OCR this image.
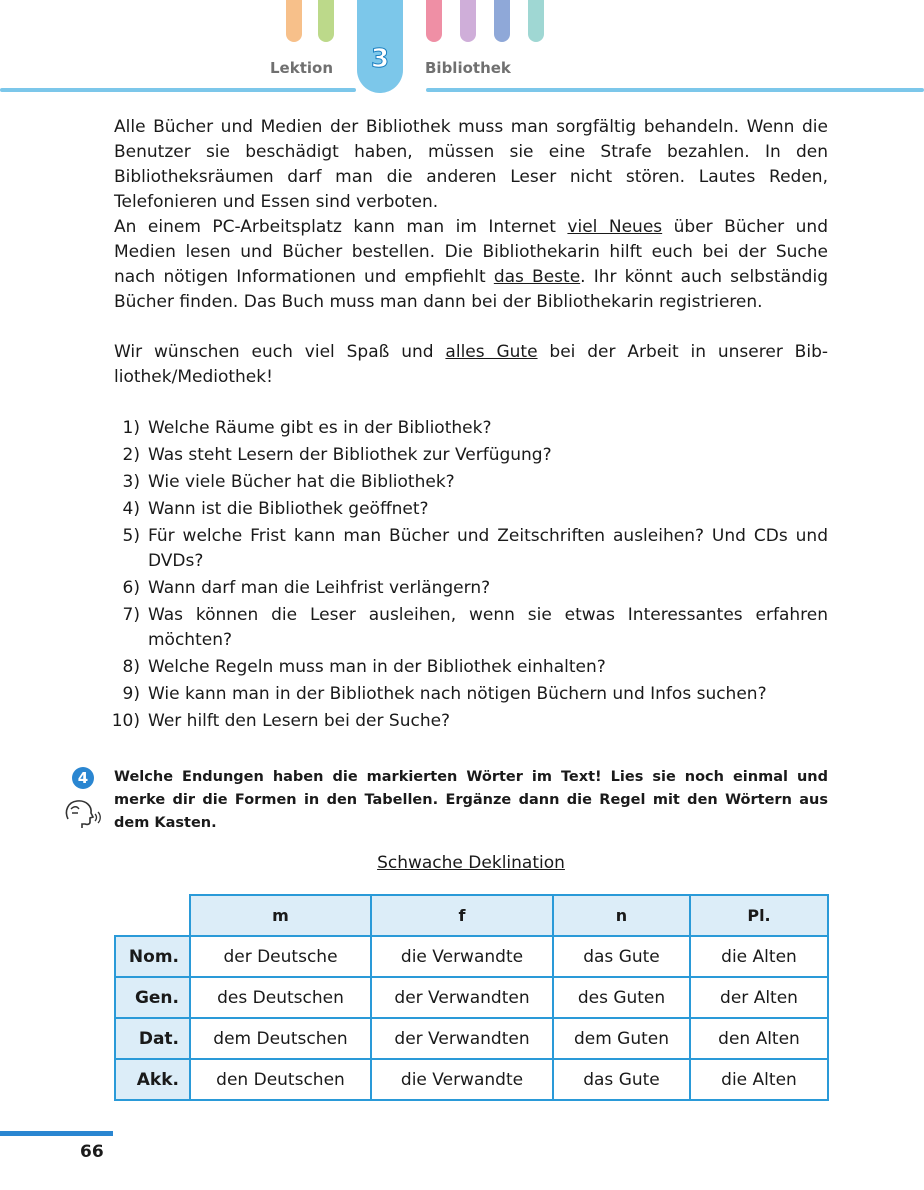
3
Lektion	Bibliothek

Alle Bücher und Medien der Bibliothek muss man sorgfältig behandeln. Wenn die Benutzer sie beschädigt haben, müssen sie eine Strafe bezahlen. In den Bibliotheksräumen darf man die anderen Leser nicht stören. Lautes Reden, Telefonieren und Essen sind verboten.

An einem PC-Arbeitsplatz kann man im Internet viel Neues über Bücher und Medien lesen und Bücher bestellen. Die Bibliothekarin hilft euch bei der Suche nach nötigen Informationen und empfiehlt das Beste. Ihr könnt auch selbständig Bücher finden. Das Buch muss man dann bei der Bibliothekarin registrieren.

Wir wünschen euch viel Spaß und alles Gute bei der Arbeit in unserer Bibliothek/Mediothek!

1) Welche Räume gibt es in der Bibliothek?
2) Was steht Lesern der Bibliothek zur Verfügung?
3) Wie viele Bücher hat die Bibliothek?
4) Wann ist die Bibliothek geöffnet?
5) Für welche Frist kann man Bücher und Zeitschriften ausleihen? Und CDs und DVDs?
6) Wann darf man die Leihfrist verlängern?
7) Was können die Leser ausleihen, wenn sie etwas Interessantes erfahren möchten?
8) Welche Regeln muss man in der Bibliothek einhalten?
9) Wie kann man in der Bibliothek nach nötigen Büchern und Infos suchen?
10) Wer hilft den Lesern bei der Suche?
4	Welche Endungen haben die markierten Wörter im Text! Lies sie noch einmal und merke dir die Formen in den Tabellen. Ergänze dann die Regel mit den Wörtern aus dem Kasten.

Schwache Deklination
	m	f	n	Pl.
Nom.	der Deutsche	die Verwandte	das Gute	die Alten
Gen.	des Deutschen	der Verwandten	des Guten	der Alten
Dat.	dem Deutschen	der Verwandten	dem Guten	den Alten
Akk.	den Deutschen	die Verwandte	das Gute	die Alten
66
